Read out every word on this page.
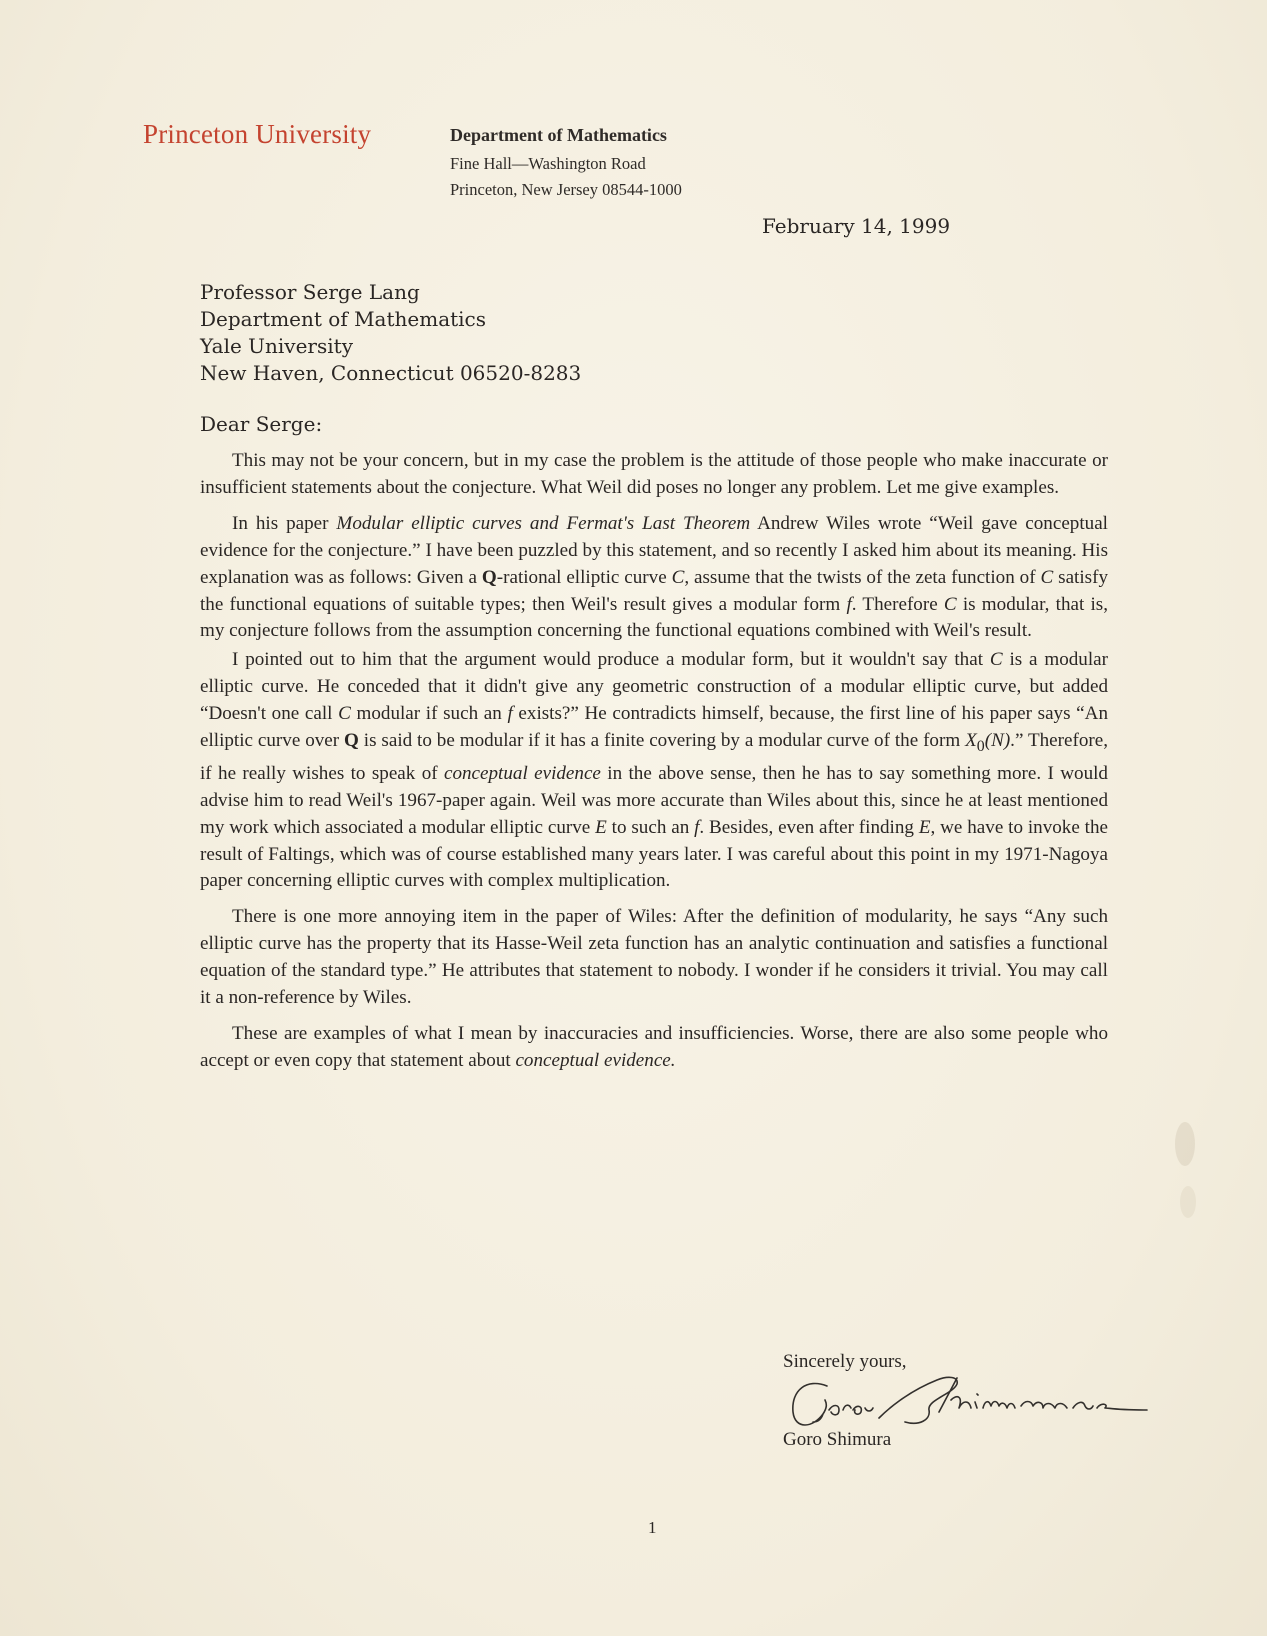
Princeton University	Department of Mathematics
Fine Hall—Washington Road
Princeton, New Jersey 08544-1000
February 14, 1999
Professor Serge Lang
Department of Mathematics
Yale University
New Haven, Connecticut 06520-8283
Dear Serge:

This may not be your concern, but in my case the problem is the attitude of those people who make inaccurate or insufficient statements about the conjecture. What Weil did poses no longer any problem. Let me give examples.

In his paper Modular elliptic curves and Fermat's Last Theorem Andrew Wiles wrote “Weil gave conceptual evidence for the conjecture.” I have been puzzled by this statement, and so recently I asked him about its meaning. His explanation was as follows: Given a Q-rational elliptic curve C, assume that the twists of the zeta function of C satisfy the functional equations of suitable types; then Weil's result gives a modular form f. Therefore C is modular, that is, my conjecture follows from the assumption concerning the functional equations combined with Weil's result.

I pointed out to him that the argument would produce a modular form, but it wouldn't say that C is a modular elliptic curve. He conceded that it didn't give any geometric construction of a modular elliptic curve, but added “Doesn't one call C modular if such an f exists?” He contradicts himself, because, the first line of his paper says “An elliptic curve over Q is said to be modular if it has a finite covering by a modular curve of the form $X_0(N)$.” Therefore, if he really wishes to speak of conceptual evidence in the above sense, then he has to say something more. I would advise him to read Weil's 1967-paper again. Weil was more accurate than Wiles about this, since he at least mentioned my work which associated a modular elliptic curve E to such an f. Besides, even after finding E, we have to invoke the result of Faltings, which was of course established many years later. I was careful about this point in my 1971-Nagoya paper concerning elliptic curves with complex multiplication.

There is one more annoying item in the paper of Wiles: After the definition of modularity, he says “Any such elliptic curve has the property that its Hasse-Weil zeta function has an analytic continuation and satisfies a functional equation of the standard type.” He attributes that statement to nobody. I wonder if he considers it trivial. You may call it a non-reference by Wiles.

These are examples of what I mean by inaccuracies and insufficiencies. Worse, there are also some people who accept or even copy that statement about conceptual evidence.

Sincerely yours,
Goro Shimura
1
